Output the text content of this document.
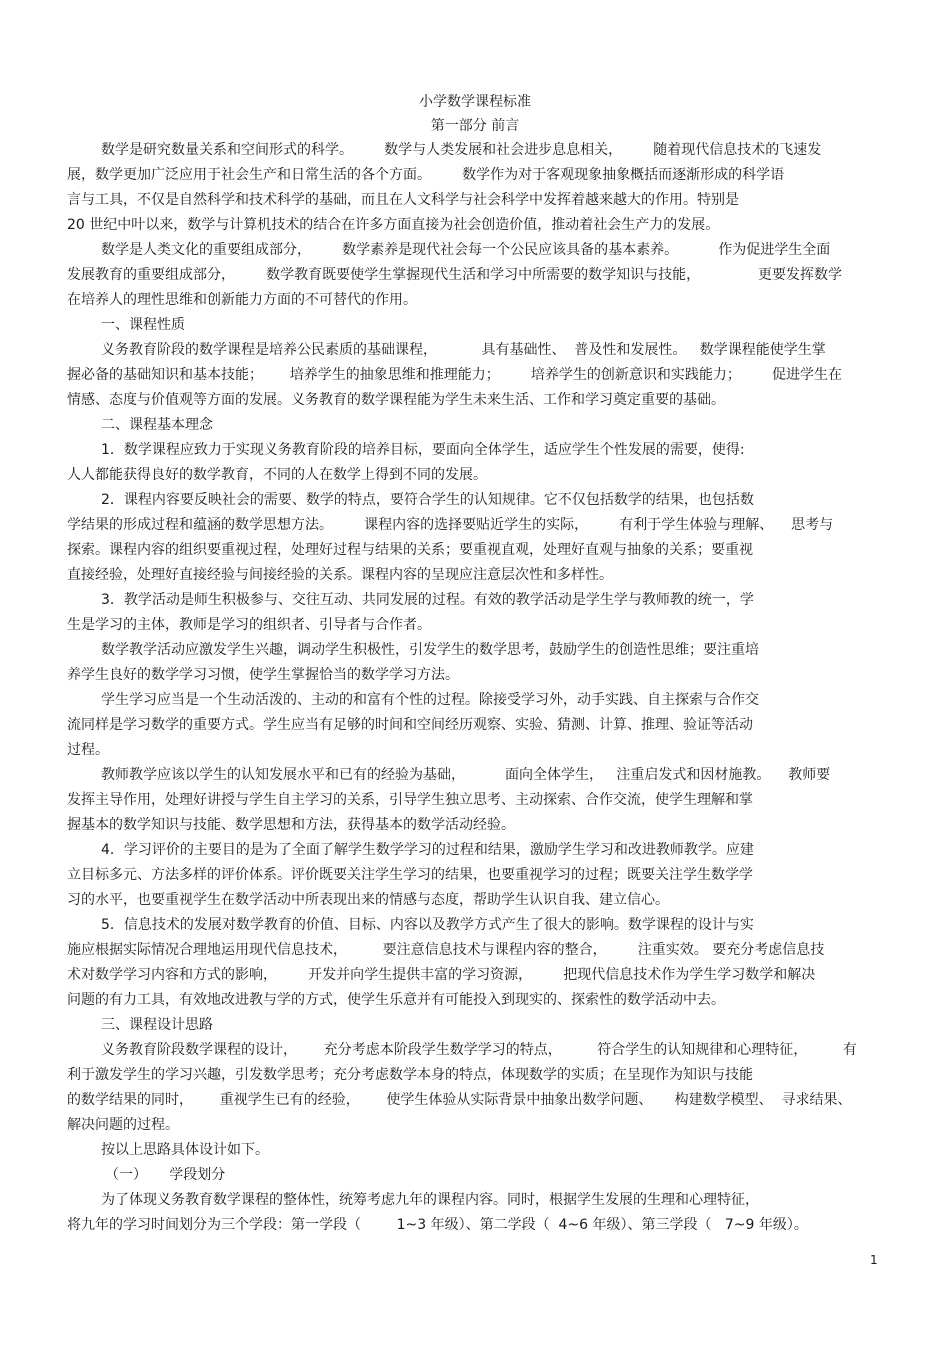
小学数学课程标准
第一部分 前言
数学是研究数量关系和空间形式的科学。       数学与人类发展和社会进步息息相关，       随着现代信息技术的飞速发
展，数学更加广泛应用于社会生产和日常生活的各个方面。       数学作为对于客观现象抽象概括而逐渐形成的科学语
言与工具，不仅是自然科学和技术科学的基础，而且在人文科学与社会科学中发挥着越来越大的作用。特别是
20 世纪中叶以来，数学与计算机技术的结合在许多方面直接为社会创造价值，推动着社会生产力的发展。
数学是人类文化的重要组成部分，       数学素养是现代社会每一个公民应该具备的基本素养。         作为促进学生全面
发展教育的重要组成部分，       数学教育既要使学生掌握现代生活和学习中所需要的数学知识与技能，             更要发挥数学
在培养人的理性思维和创新能力方面的不可替代的作用。
一、课程性质
义务教育阶段的数学课程是培养公民素质的基础课程，          具有基础性、  普及性和发展性。   数学课程能使学生掌
握必备的基础知识和基本技能；      培养学生的抽象思维和推理能力；       培养学生的创新意识和实践能力；       促进学生在
情感、态度与价值观等方面的发展。义务教育的数学课程能为学生未来生活、工作和学习奠定重要的基础。
二、课程基本理念
1．数学课程应致力于实现义务教育阶段的培养目标，要面向全体学生，适应学生个性发展的需要，使得:
人人都能获得良好的数学教育，不同的人在数学上得到不同的发展。
2．课程内容要反映社会的需要、数学的特点，要符合学生的认知规律。它不仅包括数学的结果，也包括数
学结果的形成过程和蕴涵的数学思想方法。       课程内容的选择要贴近学生的实际，       有利于学生体验与理解、    思考与
探索。课程内容的组织要重视过程，处理好过程与结果的关系；要重视直观，处理好直观与抽象的关系；要重视
直接经验，处理好直接经验与间接经验的关系。课程内容的呈现应注意层次性和多样性。
3．教学活动是师生积极参与、交往互动、共同发展的过程。有效的教学活动是学生学与教师教的统一，学
生是学习的主体，教师是学习的组织者、引导者与合作者。
数学教学活动应激发学生兴趣，调动学生积极性，引发学生的数学思考，鼓励学生的创造性思维；要注重培
养学生良好的数学学习习惯，使学生掌握恰当的数学学习方法。
学生学习应当是一个生动活泼的、主动的和富有个性的过程。除接受学习外，动手实践、自主探索与合作交
流同样是学习数学的重要方式。学生应当有足够的时间和空间经历观察、实验、猜测、计算、推理、验证等活动
过程。
教师教学应该以学生的认知发展水平和已有的经验为基础，         面向全体学生，   注重启发式和因材施教。    教师要
发挥主导作用，处理好讲授与学生自主学习的关系，引导学生独立思考、主动探索、合作交流，使学生理解和掌
握基本的数学知识与技能、数学思想和方法，获得基本的数学活动经验。
4．学习评价的主要目的是为了全面了解学生数学学习的过程和结果，激励学生学习和改进教师教学。应建
立目标多元、方法多样的评价体系。评价既要关注学生学习的结果，也要重视学习的过程；既要关注学生数学学
习的水平，也要重视学生在数学活动中所表现出来的情感与态度，帮助学生认识自我、建立信心。
5．信息技术的发展对数学教育的价值、目标、内容以及教学方式产生了很大的影响。数学课程的设计与实
施应根据实际情况合理地运用现代信息技术，        要注意信息技术与课程内容的整合，       注重实效。 要充分考虑信息技
术对数学学习内容和方式的影响，       开发并向学生提供丰富的学习资源，       把现代信息技术作为学生学习数学和解决
问题的有力工具，有效地改进教与学的方式，使学生乐意并有可能投入到现实的、探索性的数学活动中去。
三、课程设计思路
义务教育阶段数学课程的设计，      充分考虑本阶段学生数学学习的特点，        符合学生的认知规律和心理特征，        有
利于激发学生的学习兴趣，引发数学思考；充分考虑数学本身的特点，体现数学的实质；在呈现作为知识与技能
的数学结果的同时，      重视学生已有的经验，      使学生体验从实际背景中抽象出数学问题、     构建数学模型、  寻求结果、
解决问题的过程。
按以上思路具体设计如下。
（一）     学段划分
为了体现义务教育数学课程的整体性，统筹考虑九年的课程内容。同时，根据学生发展的生理和心理特征，
将九年的学习时间划分为三个学段：第一学段（        1~3 年级）、第二学段（  4~6 年级）、第三学段（   7~9 年级）。
1
